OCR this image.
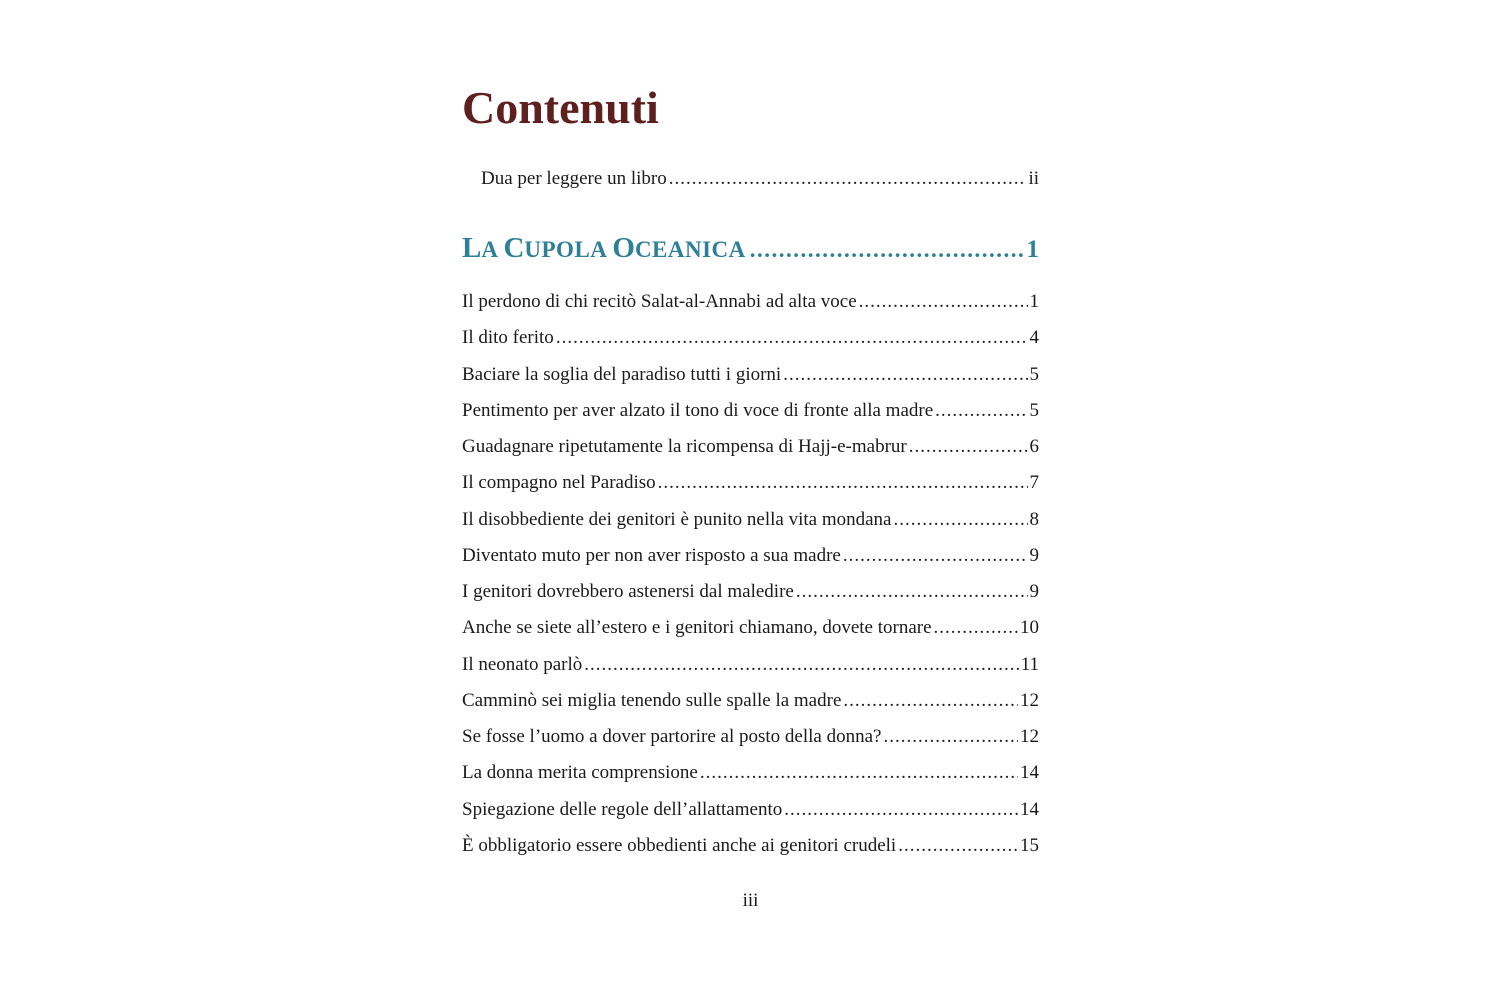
Contenuti
Dua per leggere un libro .....	ii
LA CUPOLA OCEANICA .....	1
Il perdono di chi recitò Salat-al-Annabi ad alta voce .....	1
Il dito ferito .....	4
Baciare la soglia del paradiso tutti i giorni .....	5
Pentimento per aver alzato il tono di voce di fronte alla madre .....	5
Guadagnare ripetutamente la ricompensa di Hajj-e-mabrur .....	6
Il compagno nel Paradiso .....	7
Il disobbediente dei genitori è punito nella vita mondana .....	8
Diventato muto per non aver risposto a sua madre .....	9
I genitori dovrebbero astenersi dal maledire .....	9
Anche se siete all’estero e i genitori chiamano, dovete tornare .....	10
Il neonato parlò .....	11
Camminò sei miglia tenendo sulle spalle la madre .....	12
Se fosse l’uomo a dover partorire al posto della donna? .....	12
La donna merita comprensione .....	14
Spiegazione delle regole dell’allattamento .....	14
È obbligatorio essere obbedienti anche ai genitori crudeli .....	15
iii
